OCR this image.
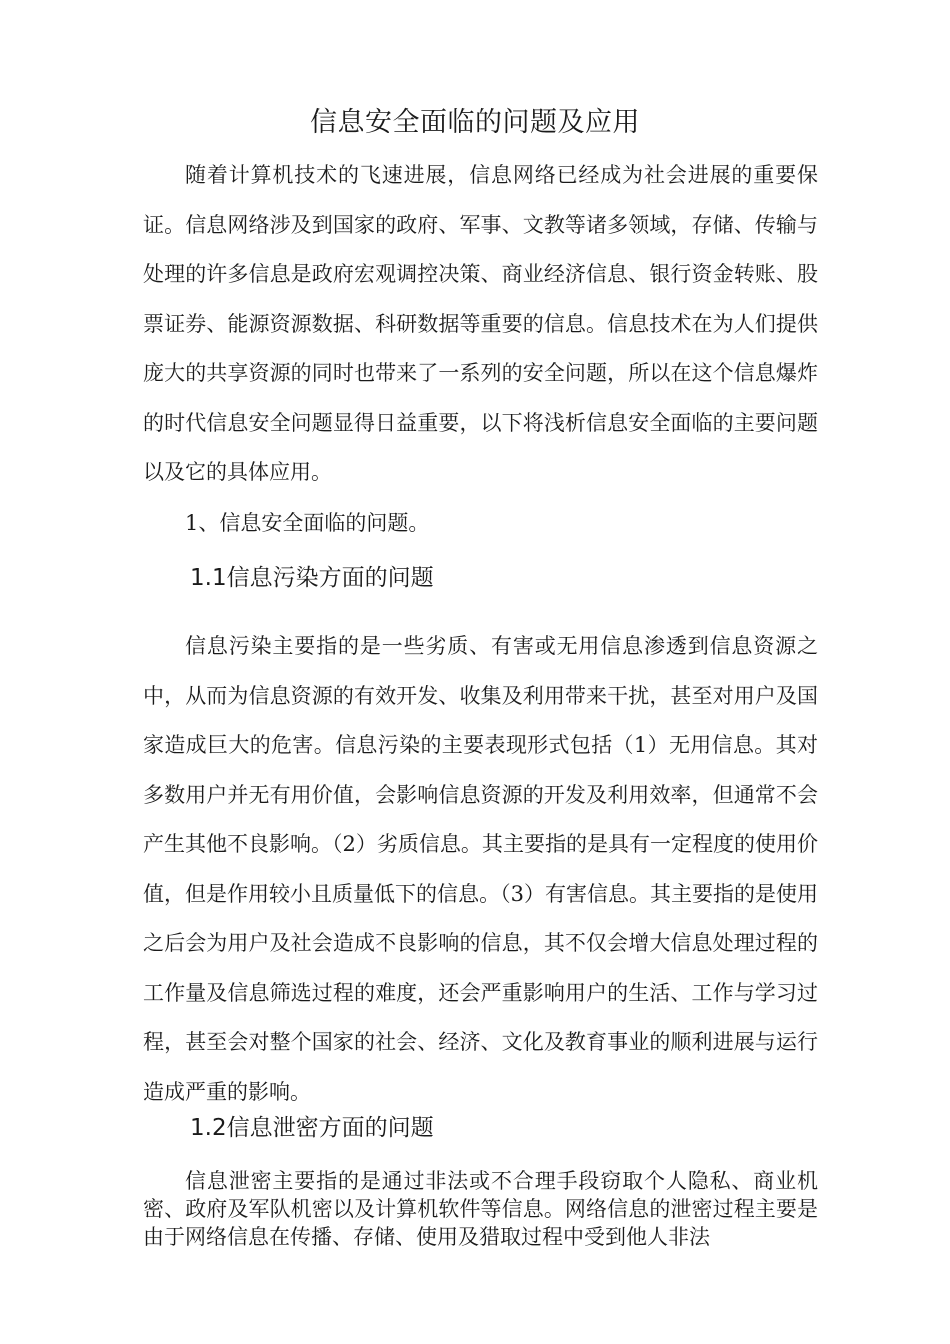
信息安全面临的问题及应用

随着计算机技术的飞速进展，信息网络已经成为社会进展的重要保证。信息网络涉及到国家的政府、军事、文教等诸多领域，存储、传输与处理的许多信息是政府宏观调控决策、商业经济信息、银行资金转账、股票证券、能源资源数据、科研数据等重要的信息。信息技术在为人们提供庞大的共享资源的同时也带来了一系列的安全问题，所以在这个信息爆炸的时代信息安全问题显得日益重要，以下将浅析信息安全面临的主要问题以及它的具体应用。

1、信息安全面临的问题。

1.1信息污染方面的问题

信息污染主要指的是一些劣质、有害或无用信息渗透到信息资源之中，从而为信息资源的有效开发、收集及利用带来干扰，甚至对用户及国家造成巨大的危害。信息污染的主要表现形式包括（1）无用信息。其对多数用户并无有用价值，会影响信息资源的开发及利用效率，但通常不会产生其他不良影响。（2）劣质信息。其主要指的是具有一定程度的使用价值，但是作用较小且质量低下的信息。（3）有害信息。其主要指的是使用之后会为用户及社会造成不良影响的信息，其不仅会增大信息处理过程的工作量及信息筛选过程的难度，还会严重影响用户的生活、工作与学习过程，甚至会对整个国家的社会、经济、文化及教育事业的顺利进展与运行造成严重的影响。

1.2信息泄密方面的问题

信息泄密主要指的是通过非法或不合理手段窃取个人隐私、商业机密、政府及军队机密以及计算机软件等信息。网络信息的泄密过程主要是由于网络信息在传播、存储、使用及猎取过程中受到他人非法
